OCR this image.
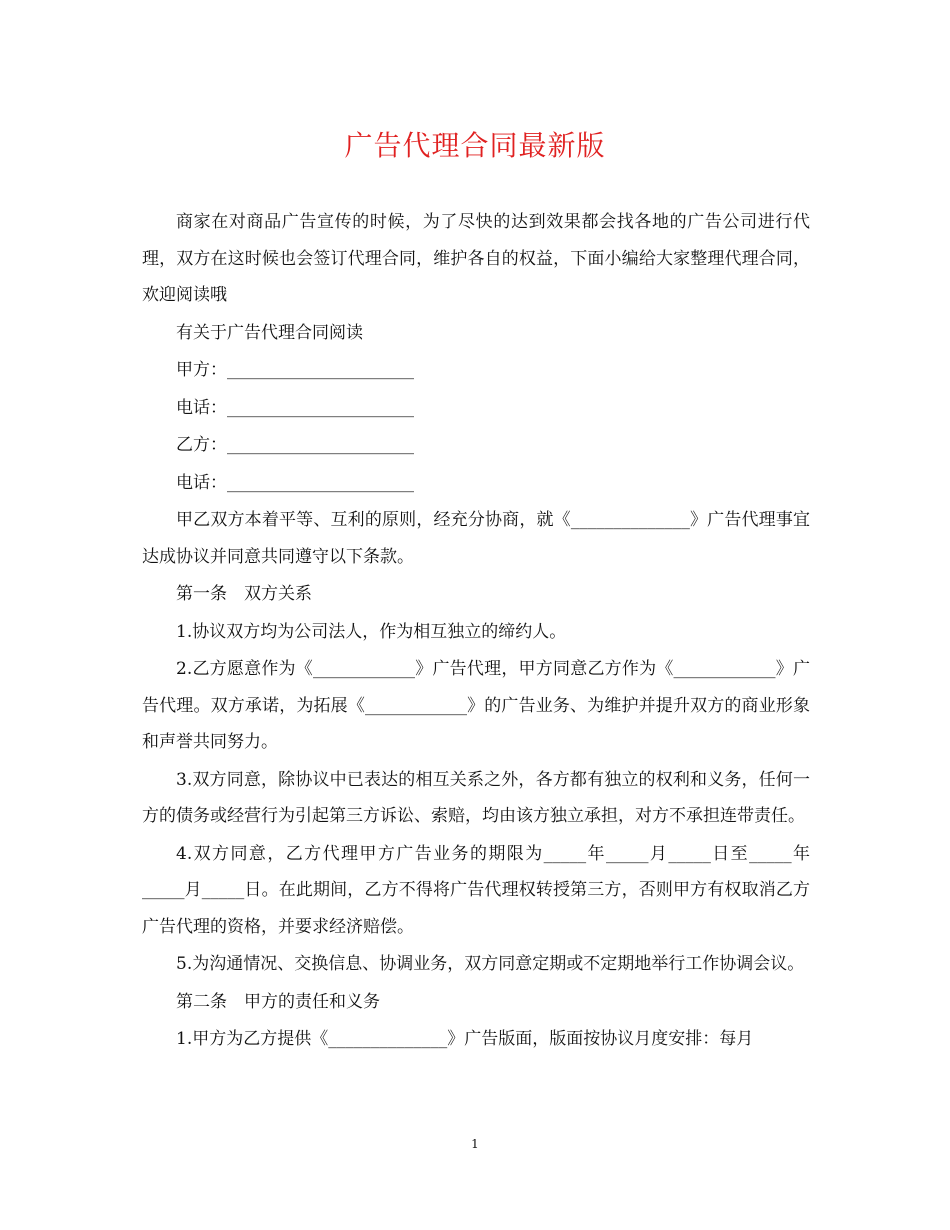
广告代理合同最新版

商家在对商品广告宣传的时候，为了尽快的达到效果都会找各地的广告公司进行代理，双方在这时候也会签订代理合同，维护各自的权益，下面小编给大家整理代理合同，欢迎阅读哦

有关于广告代理合同阅读

甲方：______________________

电话：______________________

乙方：______________________

电话：______________________

甲乙双方本着平等、互利的原则，经充分协商，就《______________》广告代理事宜达成协议并同意共同遵守以下条款。

第一条　双方关系

1.协议双方均为公司法人，作为相互独立的缔约人。

2.乙方愿意作为《____________》广告代理，甲方同意乙方作为《____________》广告代理。双方承诺，为拓展《____________》的广告业务、为维护并提升双方的商业形象和声誉共同努力。

3.双方同意，除协议中已表达的相互关系之外，各方都有独立的权利和义务，任何一方的债务或经营行为引起第三方诉讼、索赔，均由该方独立承担，对方不承担连带责任。

4.双方同意，乙方代理甲方广告业务的期限为_____年_____月_____日至_____年_____月_____日。在此期间，乙方不得将广告代理权转授第三方，否则甲方有权取消乙方广告代理的资格，并要求经济赔偿。

5.为沟通情况、交换信息、协调业务，双方同意定期或不定期地举行工作协调会议。

第二条　甲方的责任和义务

1.甲方为乙方提供《______________》广告版面，版面按协议月度安排：每月

1
